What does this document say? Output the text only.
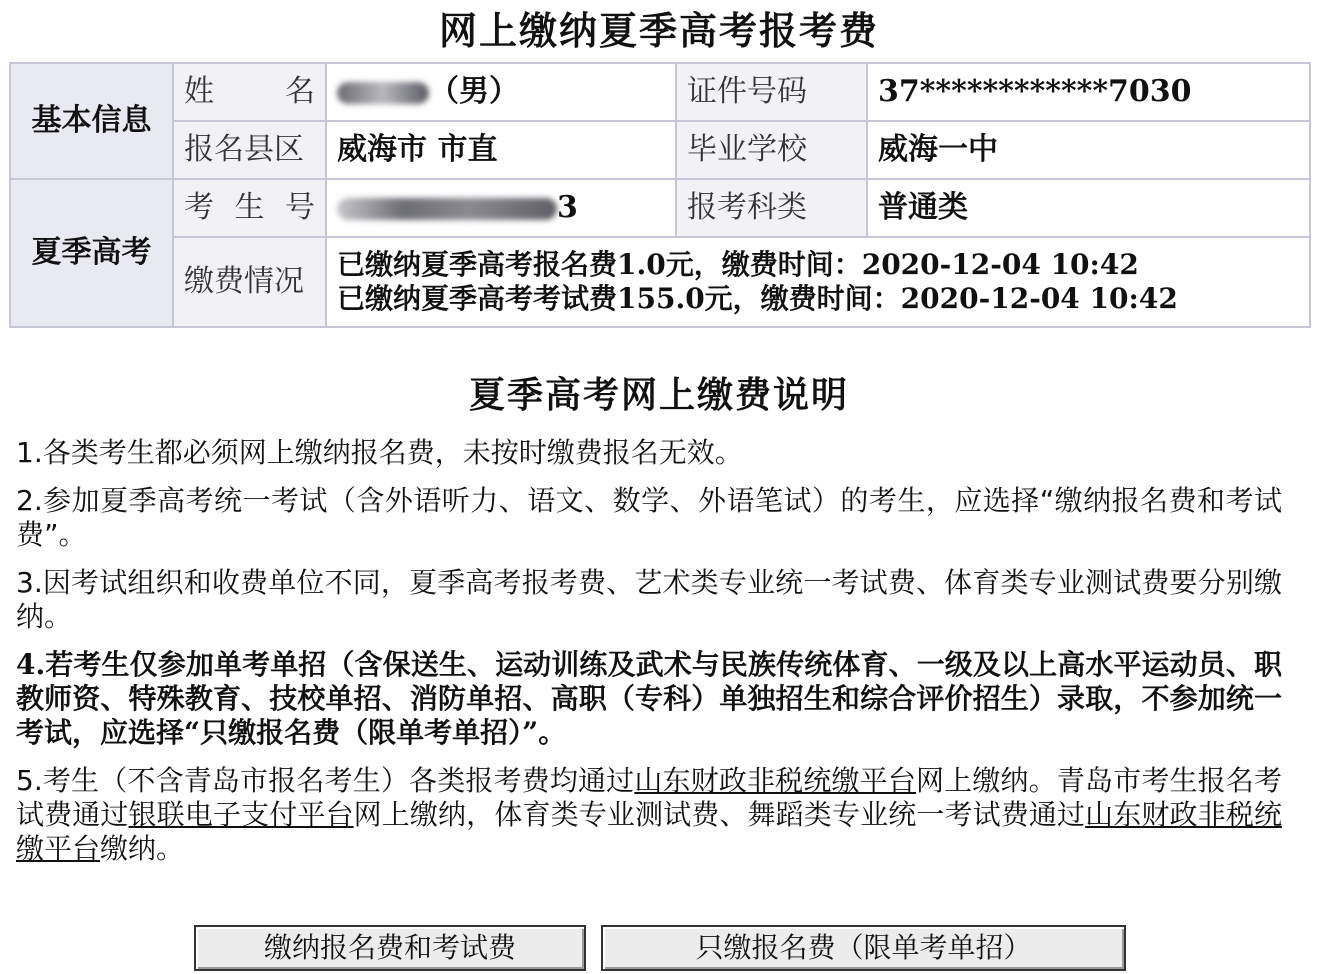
网上缴纳夏季高考报考费
基本信息	姓 名	（男）	证件号码	37************7030
	报名县区	威海市 市直	毕业学校	威海一中
夏季高考	考 生 号	3	报考科类	普通类
	缴费情况	已缴纳夏季高考报名费1.0元，缴费时间：2020-12-04 10:42
已缴纳夏季高考考试费155.0元，缴费时间：2020-12-04 10:42		
夏季高考网上缴费说明

1.各类考生都必须网上缴纳报名费，未按时缴费报名无效。

2.参加夏季高考统一考试（含外语听力、语文、数学、外语笔试）的考生，应选择“缴纳报名费和考试费”。

3.因考试组织和收费单位不同，夏季高考报考费、艺术类专业统一考试费、体育类专业测试费要分别缴纳。

4.若考生仅参加单考单招（含保送生、运动训练及武术与民族传统体育、一级及以上高水平运动员、职教师资、特殊教育、技校单招、消防单招、高职（专科）单独招生和综合评价招生）录取，不参加统一考试，应选择“只缴报名费（限单考单招）”。

5.考生（不含青岛市报名考生）各类报考费均通过山东财政非税统缴平台网上缴纳。青岛市考生报名考试费通过银联电子支付平台网上缴纳，体育类专业测试费、舞蹈类专业统一考试费通过山东财政非税统缴平台缴纳。

缴纳报名费和考试费	只缴报名费（限单考单招）
